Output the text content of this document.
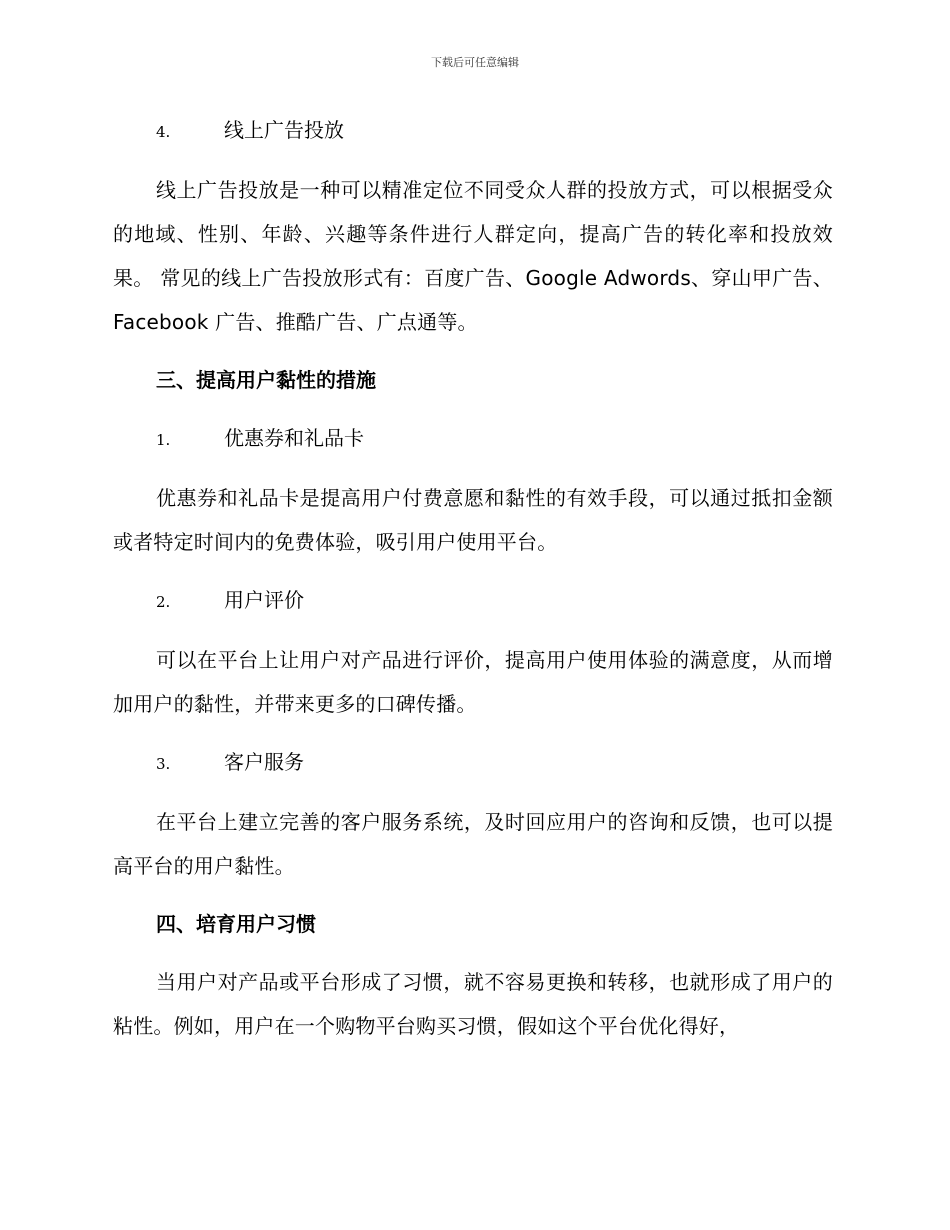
下载后可任意编辑
4.	线上广告投放

线上广告投放是一种可以精准定位不同受众人群的投放方式，可以根据受众的地域、性别、年龄、兴趣等条件进行人群定向，提高广告的转化率和投放效果。 常见的线上广告投放形式有：百度广告、Google Adwords、穿山甲广告、Facebook 广告、推酷广告、广点通等。

三、提高用户黏性的措施
1.	优惠券和礼品卡

优惠券和礼品卡是提高用户付费意愿和黏性的有效手段，可以通过抵扣金额或者特定时间内的免费体验，吸引用户使用平台。

2.	用户评价

可以在平台上让用户对产品进行评价，提高用户使用体验的满意度，从而增加用户的黏性，并带来更多的口碑传播。

3.	客户服务

在平台上建立完善的客户服务系统，及时回应用户的咨询和反馈，也可以提高平台的用户黏性。

四、培育用户习惯

当用户对产品或平台形成了习惯，就不容易更换和转移，也就形成了用户的粘性。例如，用户在一个购物平台购买习惯，假如这个平台优化得好，
